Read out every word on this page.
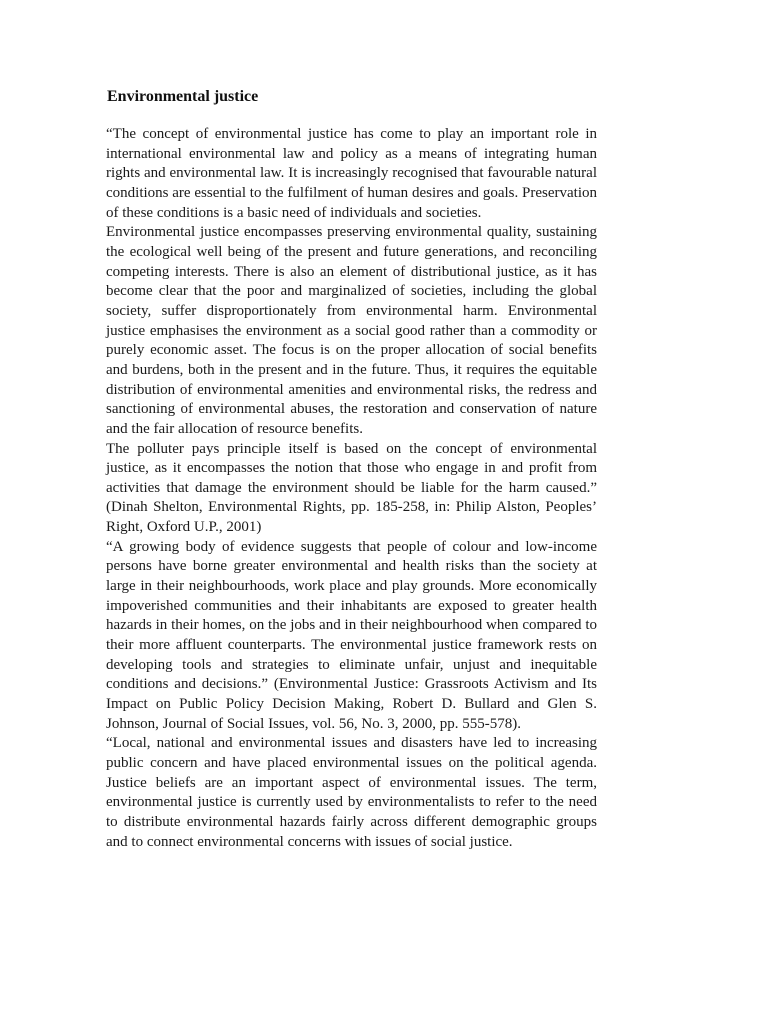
Environmental justice

“The concept of environmental justice has come to play an important role in international environmental law and policy as a means of integrating human rights and environmental law. It is increasingly recognised that favourable natural conditions are essential to the fulfilment of human desires and goals. Preservation of these conditions is a basic need of individuals and societies.

Environmental justice encompasses preserving environmental quality, sustaining the ecological well being of the present and future generations, and reconciling competing interests. There is also an element of distributional justice, as it has become clear that the poor and marginalized of societies, including the global society, suffer disproportionately from environmental harm. Environmental justice emphasises the environment as a social good rather than a commodity or purely economic asset. The focus is on the proper allocation of social benefits and burdens, both in the present and in the future. Thus, it requires the equitable distribution of environmental amenities and environmental risks, the redress and sanctioning of environmental abuses, the restoration and conservation of nature and the fair allocation of resource benefits.

The polluter pays principle itself is based on the concept of environmental justice, as it encompasses the notion that those who engage in and profit from activities that damage the environment should be liable for the harm caused.” (Dinah Shelton, Environmental Rights, pp. 185-258, in: Philip Alston, Peoples’ Right, Oxford U.P., 2001)

“A growing body of evidence suggests that people of colour and low-income persons have borne greater environmental and health risks than the society at large in their neighbourhoods, work place and play grounds. More economically impoverished communities and their inhabitants are exposed to greater health hazards in their homes, on the jobs and in their neighbourhood when compared to their more affluent counterparts. The environmental justice framework rests on developing tools and strategies to eliminate unfair, unjust and inequitable conditions and decisions.” (Environmental Justice: Grassroots Activism and Its Impact on Public Policy Decision Making, Robert D. Bullard and Glen S. Johnson, Journal of Social Issues, vol. 56, No. 3, 2000, pp. 555-578).

“Local, national and environmental issues and disasters have led to increasing public concern and have placed environmental issues on the political agenda. Justice beliefs are an important aspect of environmental issues. The term, environmental justice is currently used by environmentalists to refer to the need to distribute environmental hazards fairly across different demographic groups and to connect environmental concerns with issues of social justice.
